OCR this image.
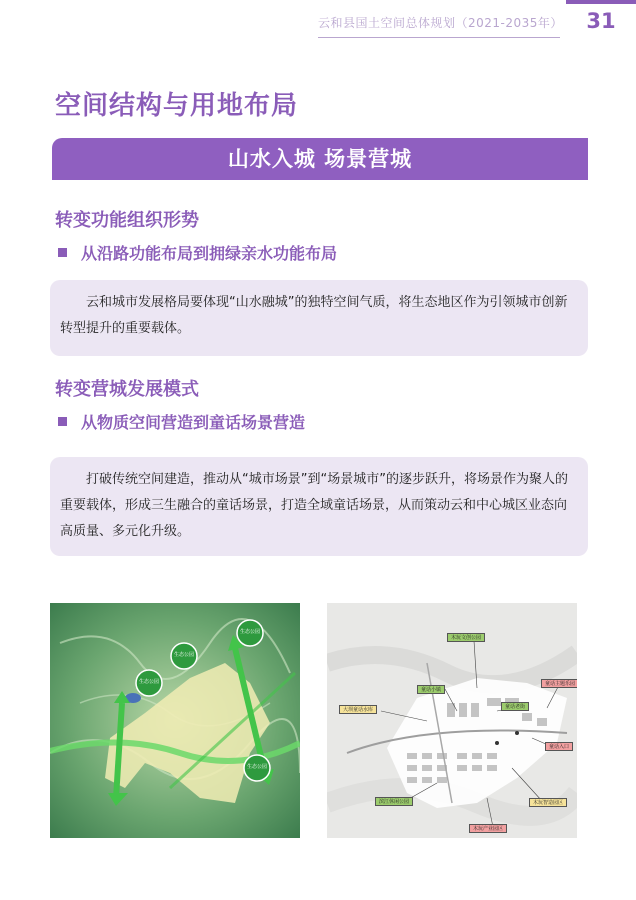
云和县国土空间总体规划（2021-2035年）	31
空间结构与用地布局
山水入城 场景营城
转变功能组织形势
从沿路功能布局到拥绿亲水功能布局
云和城市发展格局要体现“山水融城”的独特空间气质，将生态地区作为引领城市创新转型提升的重要载体。
转变营城发展模式
从物质空间营造到童话场景营造
打破传统空间建造，推动从“城市场景”到“场景城市”的逐步跃升，将场景作为聚人的重要载体，形成三生融合的童话场景，打造全域童话场景，从而策动云和中心城区业态向高质量、多元化升级。
生态公园
生态公园
生态公园
生态公园
木玩文创公园
童话小镇
童话老街
大坝童话水库
童话主题乐园
童话入口
滨江休闲公园	木玩智造园区
木玩产业园区
